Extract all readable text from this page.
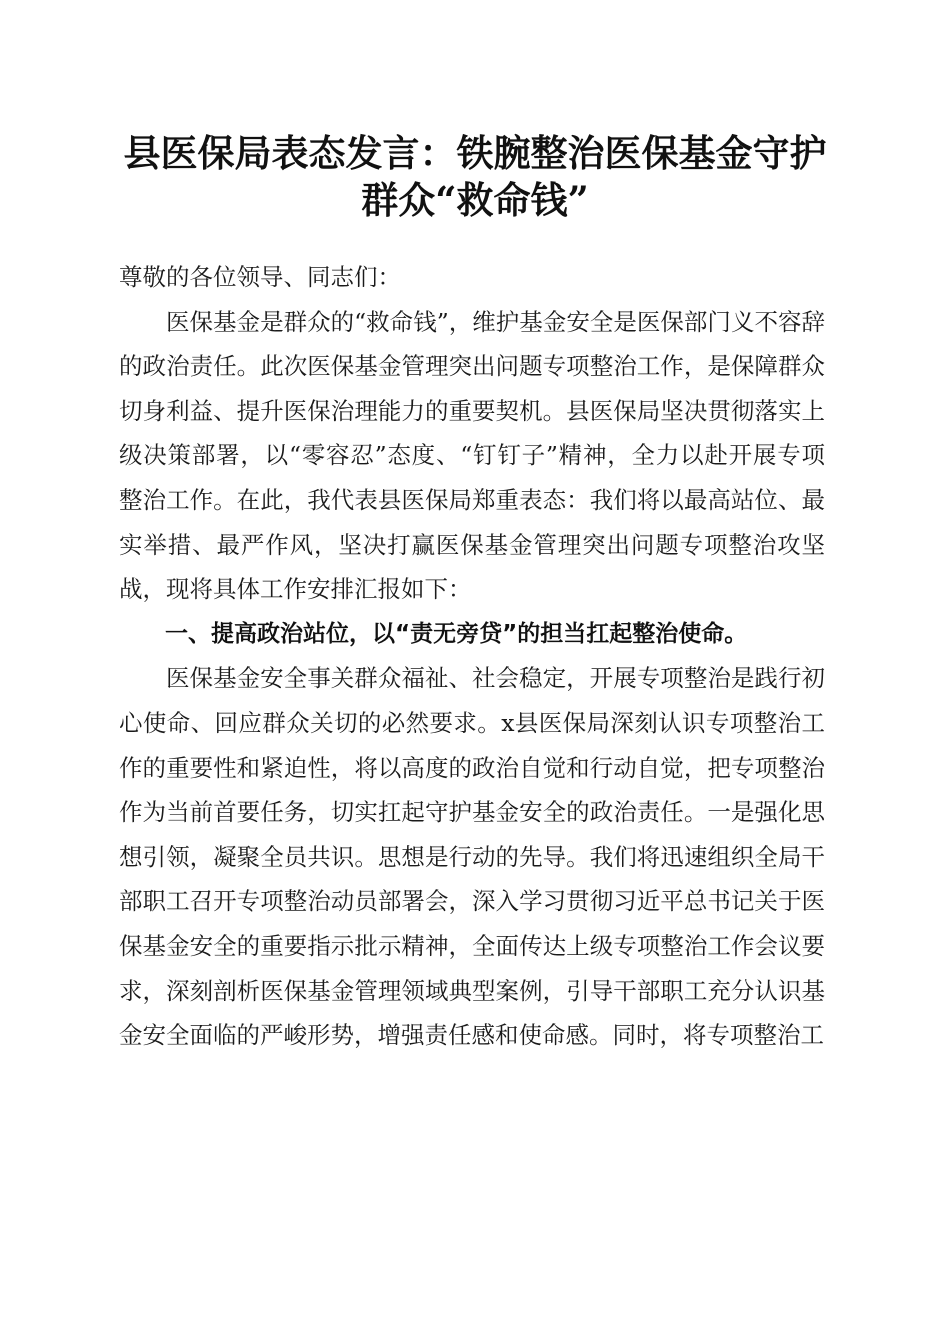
县医保局表态发言：铁腕整治医保基金守护群众“救命钱”

尊敬的各位领导、同志们：

医保基金是群众的“救命钱”，维护基金安全是医保部门义不容辞的政治责任。此次医保基金管理突出问题专项整治工作，是保障群众切身利益、提升医保治理能力的重要契机。县医保局坚决贯彻落实上级决策部署，以“零容忍”态度、“钉钉子”精神，全力以赴开展专项整治工作。在此，我代表县医保局郑重表态：我们将以最高站位、最实举措、最严作风，坚决打赢医保基金管理突出问题专项整治攻坚战，现将具体工作安排汇报如下：

一、提高政治站位，以“责无旁贷”的担当扛起整治使命。

医保基金安全事关群众福祉、社会稳定，开展专项整治是践行初心使命、回应群众关切的必然要求。x县医保局深刻认识专项整治工作的重要性和紧迫性，将以高度的政治自觉和行动自觉，把专项整治作为当前首要任务，切实扛起守护基金安全的政治责任。一是强化思想引领，凝聚全员共识。思想是行动的先导。我们将迅速组织全局干部职工召开专项整治动员部署会，深入学习贯彻习近平总书记关于医保基金安全的重要指示批示精神，全面传达上级专项整治工作会议要求，深刻剖析医保基金管理领域典型案例，引导干部职工充分认识基金安全面临的严峻形势，增强责任感和使命感。同时，将专项整治工
